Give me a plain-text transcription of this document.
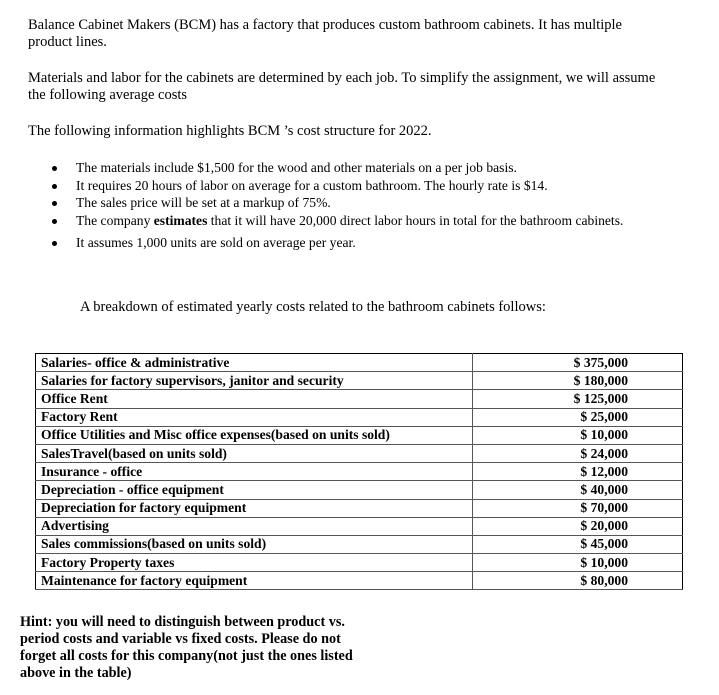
Balance Cabinet Makers (BCM) has a factory that produces custom bathroom cabinets. It has multiple product lines.

Materials and labor for the cabinets are determined by each job. To simplify the assignment, we will assume the following average costs

The following information highlights BCM ’s cost structure for 2022.

The materials include $1,500 for the wood and other materials on a per job basis.
It requires 20 hours of labor on average for a custom bathroom. The hourly rate is $14.
The sales price will be set at a markup of 75%.
The company estimates that it will have 20,000 direct labor hours in total for the bathroom cabinets.
It assumes 1,000 units are sold on average per year.

A breakdown of estimated yearly costs related to the bathroom cabinets follows:

Salaries- office & administrative	$ 375,000
Salaries for factory supervisors, janitor and security	$ 180,000
Office Rent	$ 125,000
Factory Rent	$ 25,000
Office Utilities and Misc office expenses(based on units sold)	$ 10,000
SalesTravel(based on units sold)	$ 24,000
Insurance - office	$ 12,000
Depreciation - office equipment	$ 40,000
Depreciation for factory equipment	$ 70,000
Advertising	$ 20,000
Sales commissions(based on units sold)	$ 45,000
Factory Property taxes	$ 10,000
Maintenance for factory equipment	$ 80,000

Hint: you will need to distinguish between product vs. period costs and variable vs fixed costs. Please do not forget all costs for this company(not just the ones listed above in the table)
